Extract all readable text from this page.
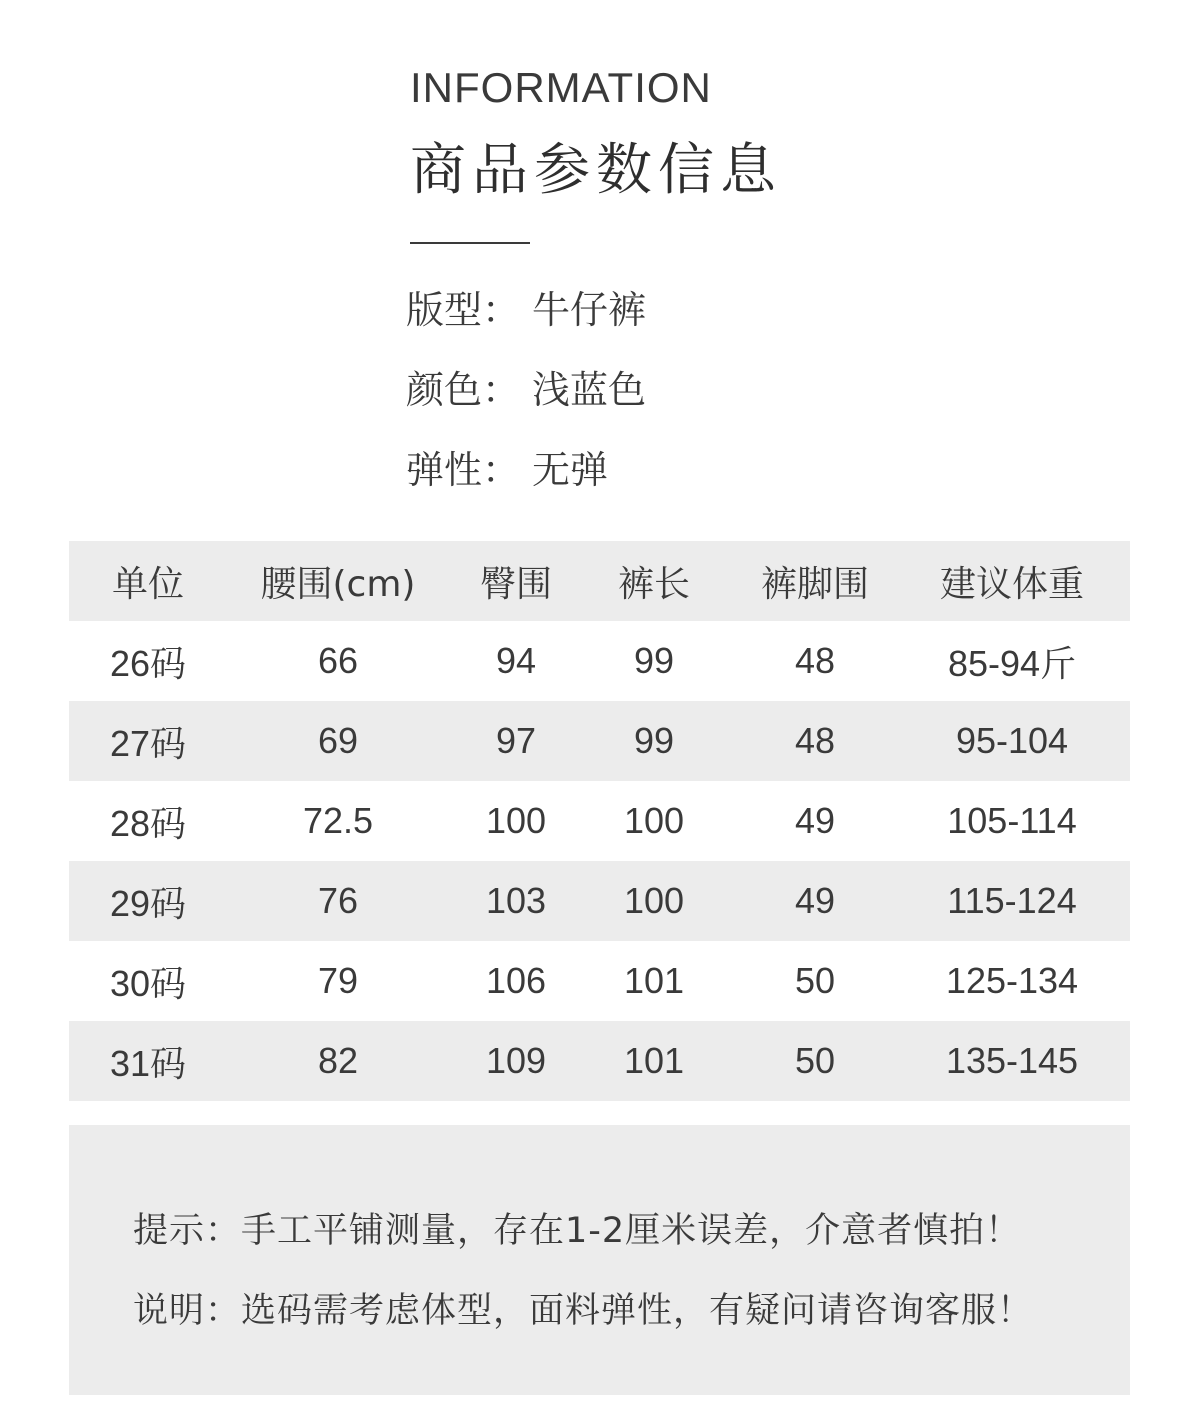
INFORMATION
商品参数信息
版型： 牛仔裤
颜色： 浅蓝色
弹性： 无弹
单位	腰围(cm)	臀围	裤长	裤脚围	建议体重
26码	66	94	99	48	85-94斤
27码	69	97	99	48	95-104
28码	72.5	100	100	49	105-114
29码	76	103	100	49	115-124
30码	79	106	101	50	125-134
31码	82	109	101	50	135-145
提示：手工平铺测量，存在1-2厘米误差，介意者慎拍！
说明：选码需考虑体型，面料弹性，有疑问请咨询客服！
